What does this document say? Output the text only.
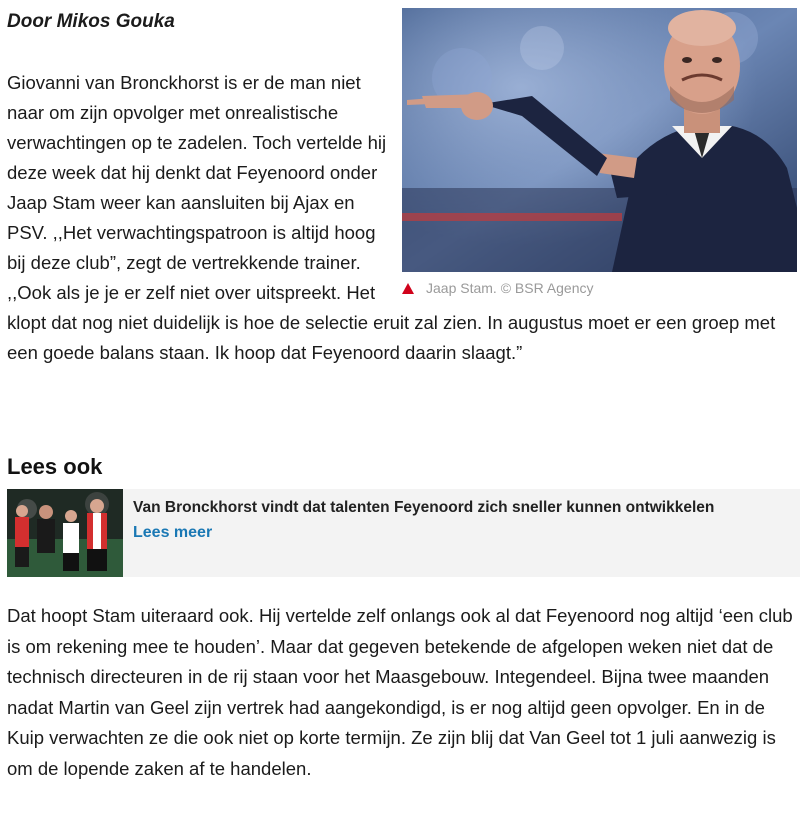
Door Mikos Gouka
Jaap Stam. © BSR Agency

Giovanni van Bronckhorst is er de man niet naar om zijn opvolger met onrealistische verwachtingen op te zadelen. Toch vertelde hij deze week dat hij denkt dat Feyenoord onder Jaap Stam weer kan aansluiten bij Ajax en PSV. ,,Het verwachtingspatroon is altijd hoog bij deze club”, zegt de vertrekkende trainer. ,,Ook als je je er zelf niet over uitspreekt. Het klopt dat nog niet duidelijk is hoe de selectie eruit zal zien. In augustus moet er een groep met een goede balans staan. Ik hoop dat Feyenoord daarin slaagt.”

Lees ook
Van Bronckhorst vindt dat talenten Feyenoord zich sneller kunnen ontwikkelen
Lees meer

Dat hoopt Stam uiteraard ook. Hij vertelde zelf onlangs ook al dat Feyenoord nog altijd ‘een club is om rekening mee te houden’. Maar dat gegeven betekende de afgelopen weken niet dat de technisch directeuren in de rij staan voor het Maasgebouw. Integendeel. Bijna twee maanden nadat Martin van Geel zijn vertrek had aangekondigd, is er nog altijd geen opvolger. En in de Kuip verwachten ze die ook niet op korte termijn. Ze zijn blij dat Van Geel tot 1 juli aanwezig is om de lopende zaken af te handelen.
